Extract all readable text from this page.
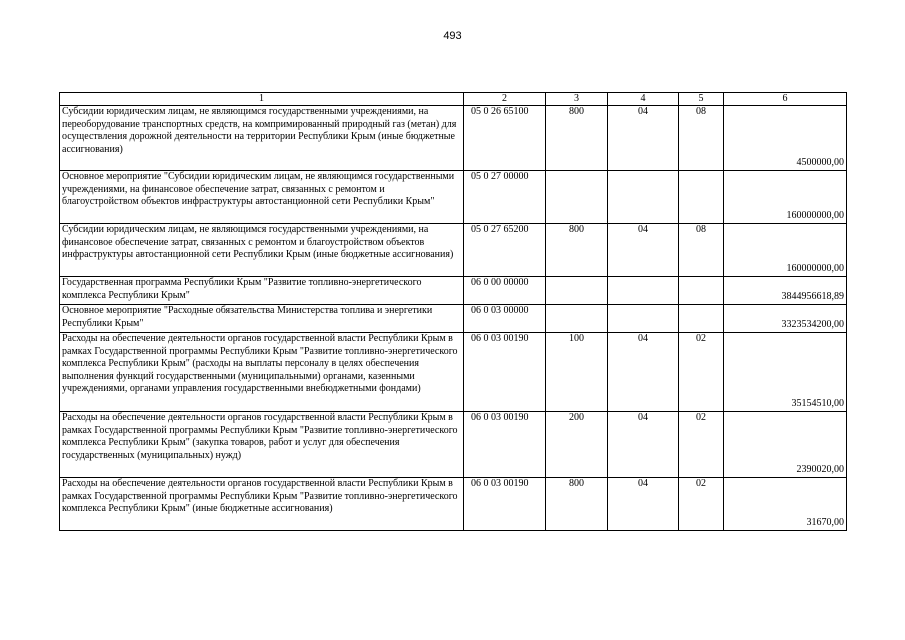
493
1	2	3	4	5	6
Субсидии юридическим лицам, не являющимся государственными учреждениями, на переоборудование транспортных средств, на компримированный природный газ (метан) для осуществления дорожной деятельности на территории Республики Крым (иные бюджетные ассигнования)	05 0 26 65100	800	04	08	4500000,00
Основное мероприятие "Субсидии юридическим лицам, не являющимся государственными учреждениями, на финансовое обеспечение затрат, связанных с ремонтом и благоустройством объектов инфраструктуры автостанционной сети Республики Крым"	05 0 27 00000				160000000,00
Субсидии юридическим лицам, не являющимся государственными учреждениями, на финансовое обеспечение затрат, связанных с ремонтом и благоустройством объектов инфраструктуры автостанционной сети Республики Крым (иные бюджетные ассигнования)	05 0 27 65200	800	04	08	160000000,00
Государственная программа Республики Крым "Развитие топливно-энергетического комплекса Республики Крым"	06 0 00 00000				3844956618,89
Основное мероприятие "Расходные обязательства Министерства топлива и энергетики Республики Крым"	06 0 03 00000				3323534200,00
Расходы на обеспечение деятельности органов государственной власти Республики Крым в рамках Государственной программы Республики Крым "Развитие топливно-энергетического комплекса Республики Крым" (расходы на выплаты персоналу в целях обеспечения выполнения функций государственными (муниципальными) органами, казенными учреждениями, органами управления государственными внебюджетными фондами)	06 0 03 00190	100	04	02	35154510,00
Расходы на обеспечение деятельности органов государственной власти Республики Крым в рамках Государственной программы Республики Крым "Развитие топливно-энергетического комплекса Республики Крым" (закупка товаров, работ и услуг для обеспечения государственных (муниципальных) нужд)	06 0 03 00190	200	04	02	2390020,00
Расходы на обеспечение деятельности органов государственной власти Республики Крым в рамках Государственной программы Республики Крым "Развитие топливно-энергетического комплекса Республики Крым" (иные бюджетные ассигнования)	06 0 03 00190	800	04	02	31670,00
